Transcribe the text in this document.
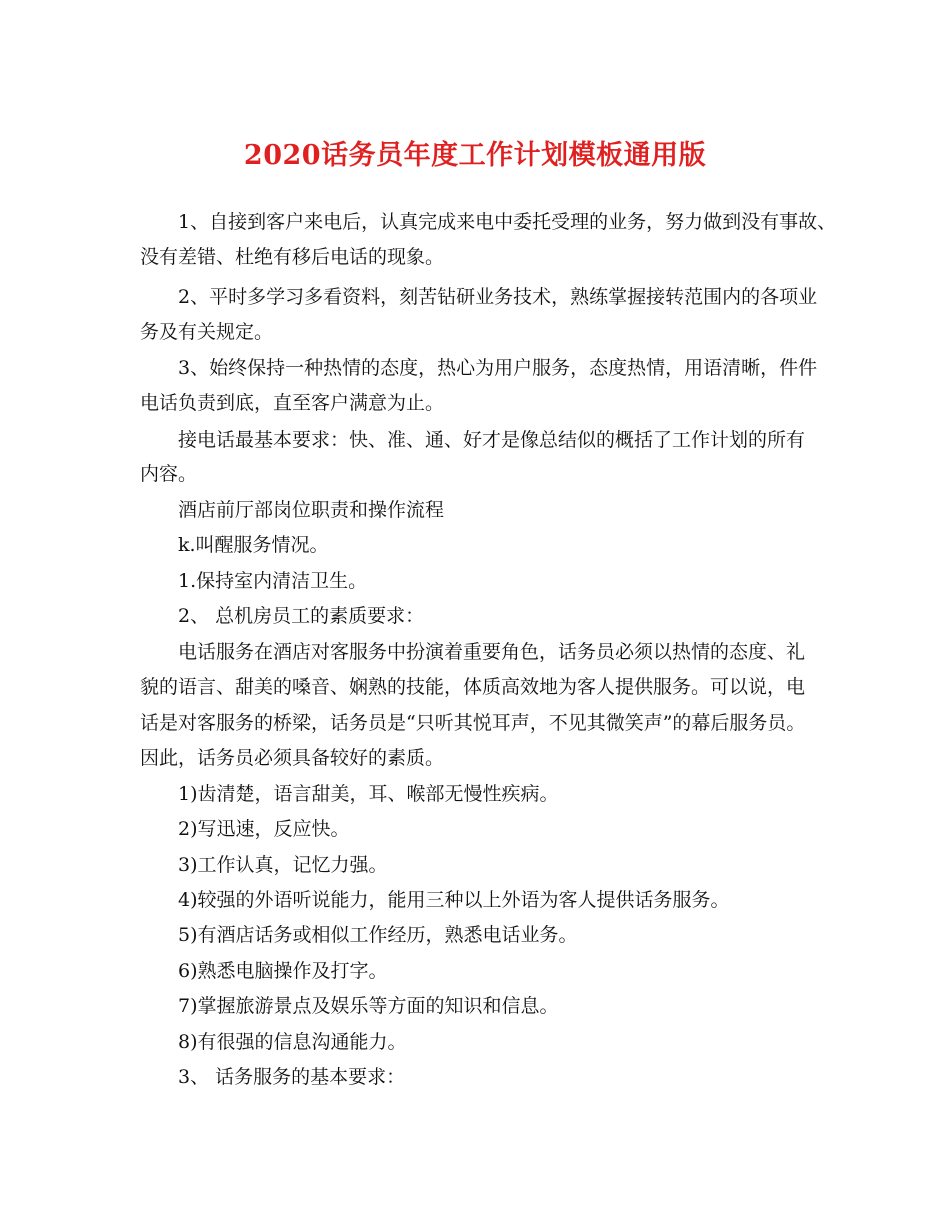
2020话务员年度工作计划模板通用版
1、自接到客户来电后，认真完成来电中委托受理的业务，努力做到没有事故、
没有差错、杜绝有移后电话的现象。
2、平时多学习多看资料，刻苦钻研业务技术，熟练掌握接转范围内的各项业
务及有关规定。
3、始终保持一种热情的态度，热心为用户服务，态度热情，用语清晰，件件
电话负责到底，直至客户满意为止。
接电话最基本要求：快、准、通、好才是像总结似的概括了工作计划的所有
内容。
酒店前厅部岗位职责和操作流程
k.叫醒服务情况。
1.保持室内清洁卫生。
2、 总机房员工的素质要求：
电话服务在酒店对客服务中扮演着重要角色，话务员必须以热情的态度、礼
貌的语言、甜美的嗓音、娴熟的技能，体质高效地为客人提供服务。可以说，电
话是对客服务的桥梁，话务员是“只听其悦耳声，不见其微笑声”的幕后服务员。
因此，话务员必须具备较好的素质。
1)齿清楚，语言甜美，耳、喉部无慢性疾病。
2)写迅速，反应快。
3)工作认真，记忆力强。
4)较强的外语听说能力，能用三种以上外语为客人提供话务服务。
5)有酒店话务或相似工作经历，熟悉电话业务。
6)熟悉电脑操作及打字。
7)掌握旅游景点及娱乐等方面的知识和信息。
8)有很强的信息沟通能力。
3、 话务服务的基本要求：
